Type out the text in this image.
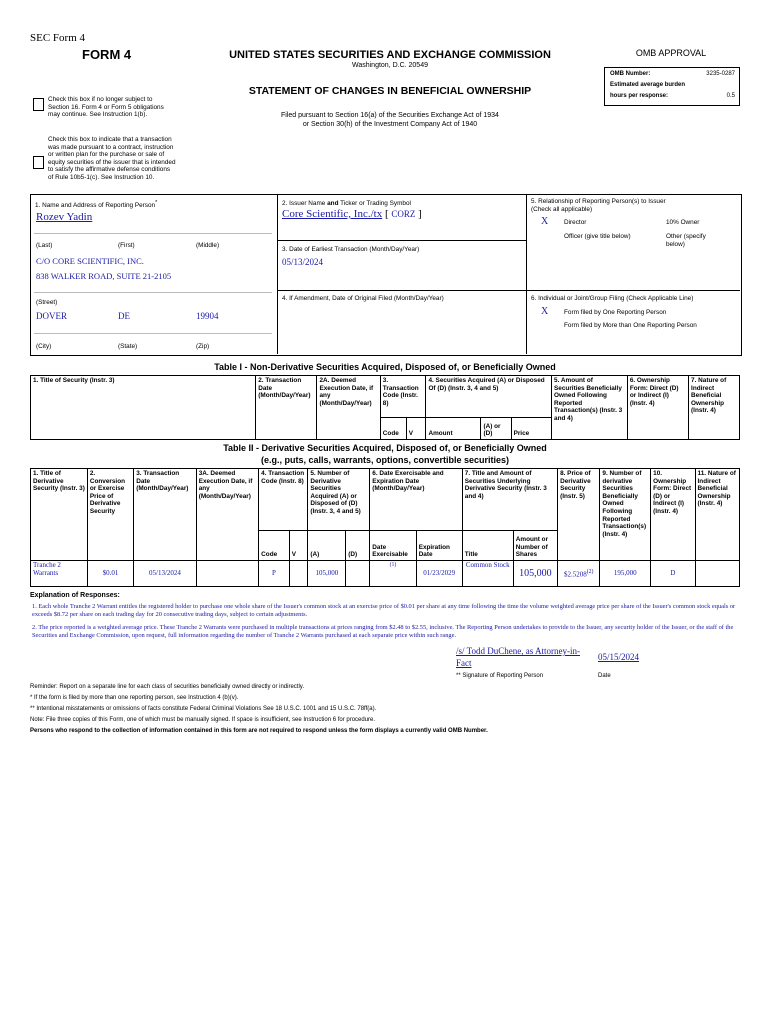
SEC Form 4
FORM 4	UNITED STATES SECURITIES AND EXCHANGE COMMISSION
Washington, D.C. 20549
STATEMENT OF CHANGES IN BENEFICIAL OWNERSHIP
Filed pursuant to Section 16(a) of the Securities Exchange Act of 1934
or Section 30(h) of the Investment Company Act of 1940
OMB APPROVAL
OMB Number:	3235-0287
Estimated average burden
hours per response:	0.5
Check this box if no longer subject to Section 16. Form 4 or Form 5 obligations may continue. See Instruction 1(b).
Check this box to indicate that a transaction was made pursuant to a contract, instruction or written plan for the purchase or sale of equity securities of the issuer that is intended to satisfy the affirmative defense conditions of Rule 10b5-1(c). See Instruction 10.
1. Name and Address of Reporting Person*
Rozev Yadin
(Last)	(First)	(Middle)
C/O CORE SCIENTIFIC, INC.
838 WALKER ROAD, SUITE 21-2105
(Street)
DOVER	DE	19904
(City)	(State)	(Zip)
2. Issuer Name and Ticker or Trading Symbol
Core Scientific, Inc./tx [ CORZ ]
3. Date of Earliest Transaction (Month/Day/Year)
05/13/2024
4. If Amendment, Date of Original Filed (Month/Day/Year)
5. Relationship of Reporting Person(s) to Issuer
(Check all applicable)
X Director	10% Owner
Officer (give title below)	Other (specify below)
6. Individual or Joint/Group Filing (Check Applicable Line)
X Form filed by One Reporting Person
Form filed by More than One Reporting Person
Table I - Non-Derivative Securities Acquired, Disposed of, or Beneficially Owned
1. Title of Security (Instr. 3)	2. Transaction Date (Month/Day/Year)	2A. Deemed Execution Date, if any (Month/Day/Year)	3. Transaction Code (Instr. 8)		4. Securities Acquired (A) or Disposed Of (D) (Instr. 3, 4 and 5)			5. Amount of Securities Beneficially Owned Following Reported Transaction(s) (Instr. 3 and 4)	6. Ownership Form: Direct (D) or Indirect (I) (Instr. 4)	7. Nature of Indirect Beneficial Ownership (Instr. 4)
			Code	V	Amount	(A) or (D)	Price			
Table II - Derivative Securities Acquired, Disposed of, or Beneficially Owned
(e.g., puts, calls, warrants, options, convertible securities)
1. Title of Derivative Security (Instr. 3)	2. Conversion or Exercise Price of Derivative Security	3. Transaction Date (Month/Day/Year)	3A. Deemed Execution Date, if any (Month/Day/Year)	4. Transaction Code (Instr. 8)		5. Number of Derivative Securities Acquired (A) or Disposed of (D) (Instr. 3, 4 and 5)		6. Date Exercisable and Expiration Date (Month/Day/Year)		7. Title and Amount of Securities Underlying Derivative Security (Instr. 3 and 4)		8. Price of Derivative Security (Instr. 5)	9. Number of derivative Securities Beneficially Owned Following Reported Transaction(s) (Instr. 4)	10. Ownership Form: Direct (D) or Indirect (I) (Instr. 4)	11. Nature of Indirect Beneficial Ownership (Instr. 4)
				Code	V	(A)	(D)	Date Exercisable	Expiration Date	Title	Amount or Number of Shares				
Tranche 2 Warrants	$0.01	05/13/2024		P		105,000		$^{(1)}$	01/23/2029	Common Stock	105,000	$2.5208$^{(2)}$	195,000	D	
Explanation of Responses:
1. Each whole Tranche 2 Warrant entitles the registered holder to purchase one whole share of the Issuer's common stock at an exercise price of $0.01 per share at any time following the time the volume weighted average price per share of the Issuer's common stock equals or exceeds $8.72 per share on each trading day for 20 consecutive trading days, subject to certain adjustments.
2. The price reported is a weighted average price. These Tranche 2 Warrants were purchased in multiple transactions at prices ranging from $2.48 to $2.55, inclusive. The Reporting Person undertakes to provide to the Issuer, any security holder of the Issuer, or the staff of the Securities and Exchange Commission, upon request, full information regarding the number of Tranche 2 Warrants purchased at each separate price within such range.
/s/ Todd DuChene, as Attorney-in-
Fact
05/15/2024
** Signature of Reporting Person	Date
Reminder: Report on a separate line for each class of securities beneficially owned directly or indirectly.
* If the form is filed by more than one reporting person, see Instruction 4 (b)(v).
** Intentional misstatements or omissions of facts constitute Federal Criminal Violations See 18 U.S.C. 1001 and 15 U.S.C. 78ff(a).
Note: File three copies of this Form, one of which must be manually signed. If space is insufficient, see Instruction 6 for procedure.
Persons who respond to the collection of information contained in this form are not required to respond unless the form displays a currently valid OMB Number.
